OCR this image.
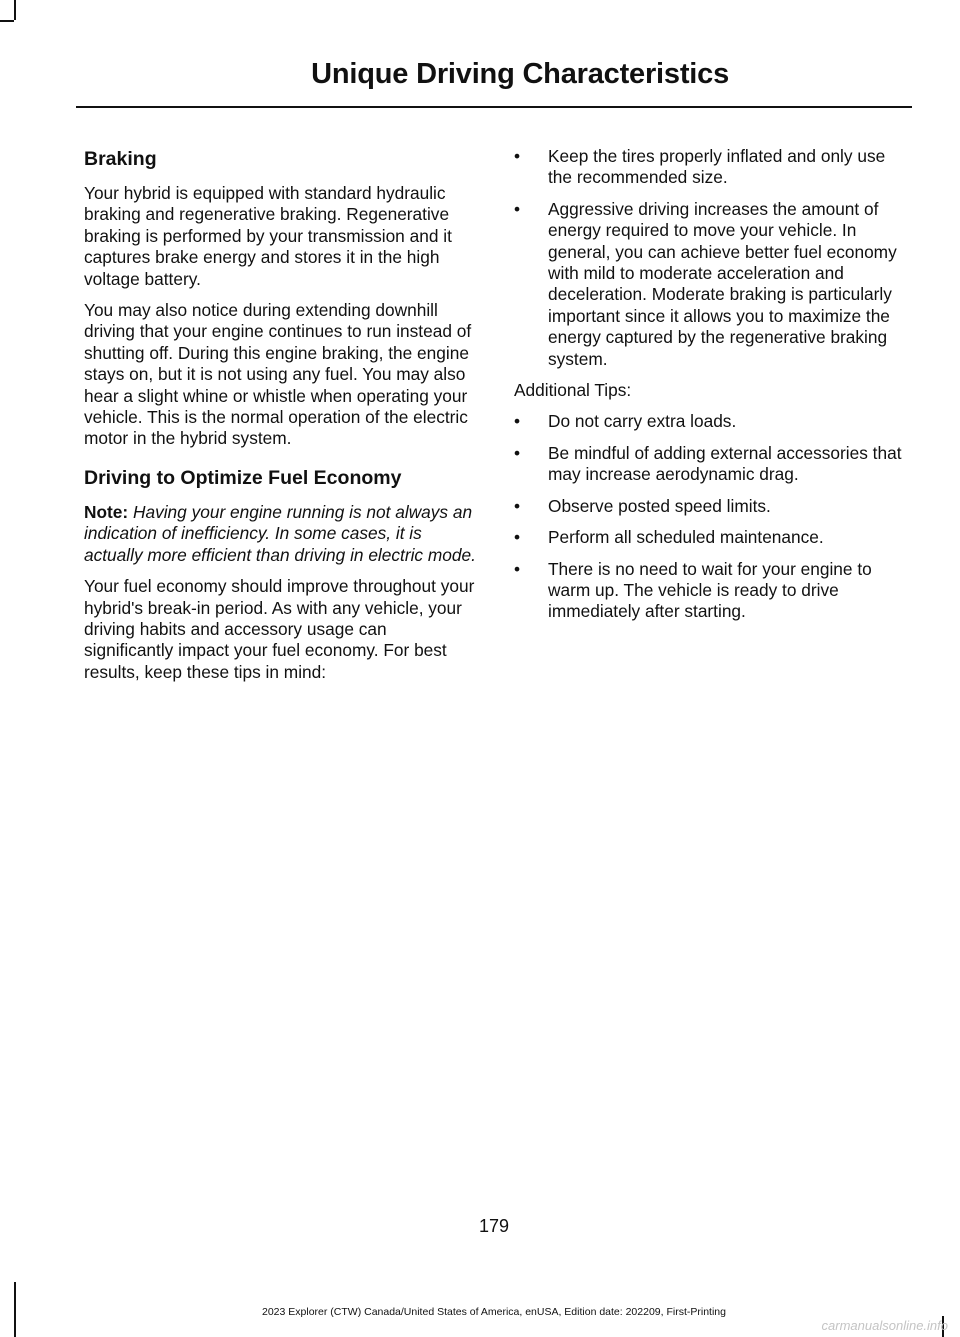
Unique Driving Characteristics
Braking

Your hybrid is equipped with standard hydraulic braking and regenerative braking. Regenerative braking is performed by your transmission and it captures brake energy and stores it in the high voltage battery.

You may also notice during extending downhill driving that your engine continues to run instead of shutting off. During this engine braking, the engine stays on, but it is not using any fuel. You may also hear a slight whine or whistle when operating your vehicle. This is the normal operation of the electric motor in the hybrid system.

Driving to Optimize Fuel Economy

Note: Having your engine running is not always an indication of inefficiency. In some cases, it is actually more efficient than driving in electric mode.

Your fuel economy should improve throughout your hybrid's break-in period. As with any vehicle, your driving habits and accessory usage can significantly impact your fuel economy. For best results, keep these tips in mind:

• Keep the tires properly inflated and only use the recommended size.
• Aggressive driving increases the amount of energy required to move your vehicle. In general, you can achieve better fuel economy with mild to moderate acceleration and deceleration. Moderate braking is particularly important since it allows you to maximize the energy captured by the regenerative braking system.

Additional Tips:

• Do not carry extra loads.
• Be mindful of adding external accessories that may increase aerodynamic drag.
• Observe posted speed limits.
• Perform all scheduled maintenance.
• There is no need to wait for your engine to warm up. The vehicle is ready to drive immediately after starting.
179
2023 Explorer (CTW) Canada/United States of America, enUSA, Edition date: 202209, First-Printing
carmanualsonline.info
